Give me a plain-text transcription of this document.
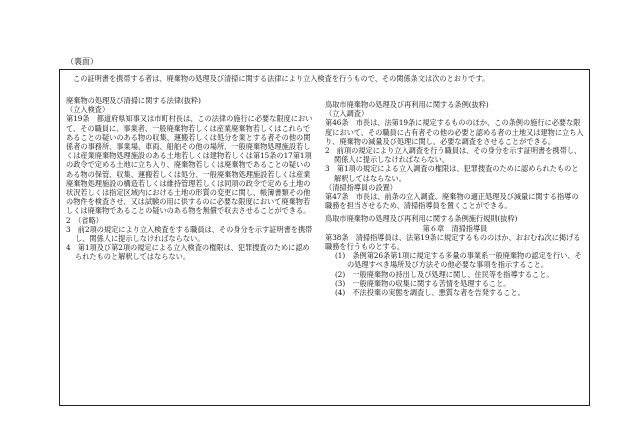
（裏面）
この証明書を携帯する者は、廃棄物の処理及び清掃に関する法律により立入検査を行うもので、その関係条文は次のとおりです。

廃棄物の処理及び清掃に関する法律(抜粋)

（立入検査）

第19条　都道府県知事又は市町村長は、この法律の施行に必要な限度において、その職員に、事業者、一般廃棄物若しくは産業廃棄物若しくはこれらであることの疑いのある物の収集、運搬若しくは処分を業とする者その他の関係者の事務所、事業場、車両、船舶その他の場所、一般廃棄物処理施設若しくは産業廃棄物処理施設のある土地若しくは建物若しくは第15条の17第1項の政令で定める土地に立ち入り、廃棄物若しくは廃棄物であることの疑いのある物の保管、収集、運搬若しくは処分、一般廃棄物処理施設若しくは産業廃棄物処理施設の構造若しくは維持管理若しくは同項の政令で定める土地の状況若しくは指定区域内における土地の形質の変更に関し、帳簿書類その他の物件を検査させ、又は試験の用に供するのに必要な限度において廃棄物若しくは廃棄物であることの疑いのある物を無償で収去させることができる。

2　（省略）

3　前2項の規定により立入検査をする職員は、その身分を示す証明書を携帯し、関係人に提示しなければならない。

4　第1項及び第2項の規定による立入検査の権限は、犯罪捜査のために認められたものと解釈してはならない。

鳥取市廃棄物の処理及び再利用に関する条例(抜粋)

（立入調査）

第46条　市長は、法第19条に規定するもののほか、この条例の施行に必要な限度において、その職員に占有者その他の必要と認める者の土地又は建物に立ち入り、廃棄物の減量及び処理に関し、必要な調査をさせることができる。

2　前項の規定により立入調査を行う職員は、その身分を示す証明書を携帯し、関係人に提示しなければならない。

3　第1項の規定による立入調査の権限は、犯罪捜査のために認められたものと解釈してはならない。

（清掃指導員の設置）

第47条　市長は、前条の立入調査、廃棄物の適正処理及び減量に関する指導の職務を担当させるため、清掃指導員を置くことができる。

鳥取市廃棄物の処理及び再利用に関する条例施行規則(抜粋)

第６章　清掃指導員

第38条　清掃指導員は、法第19条に規定するもののほか、おおむね次に掲げる職務を行うものとする。

(1)　条例第26条第1項に規定する多量の事業系一般廃棄物の認定を行い、その処理すべき場所及び方法その他必要な事項を指示すること。

(2)　一般廃棄物の持出し及び処理に関し、住民等を指導すること。

(3)　一般廃棄物の収集に関する苦情を処理すること。

(4)　不法投棄の実態を調査し、悪質な者を告発すること。
